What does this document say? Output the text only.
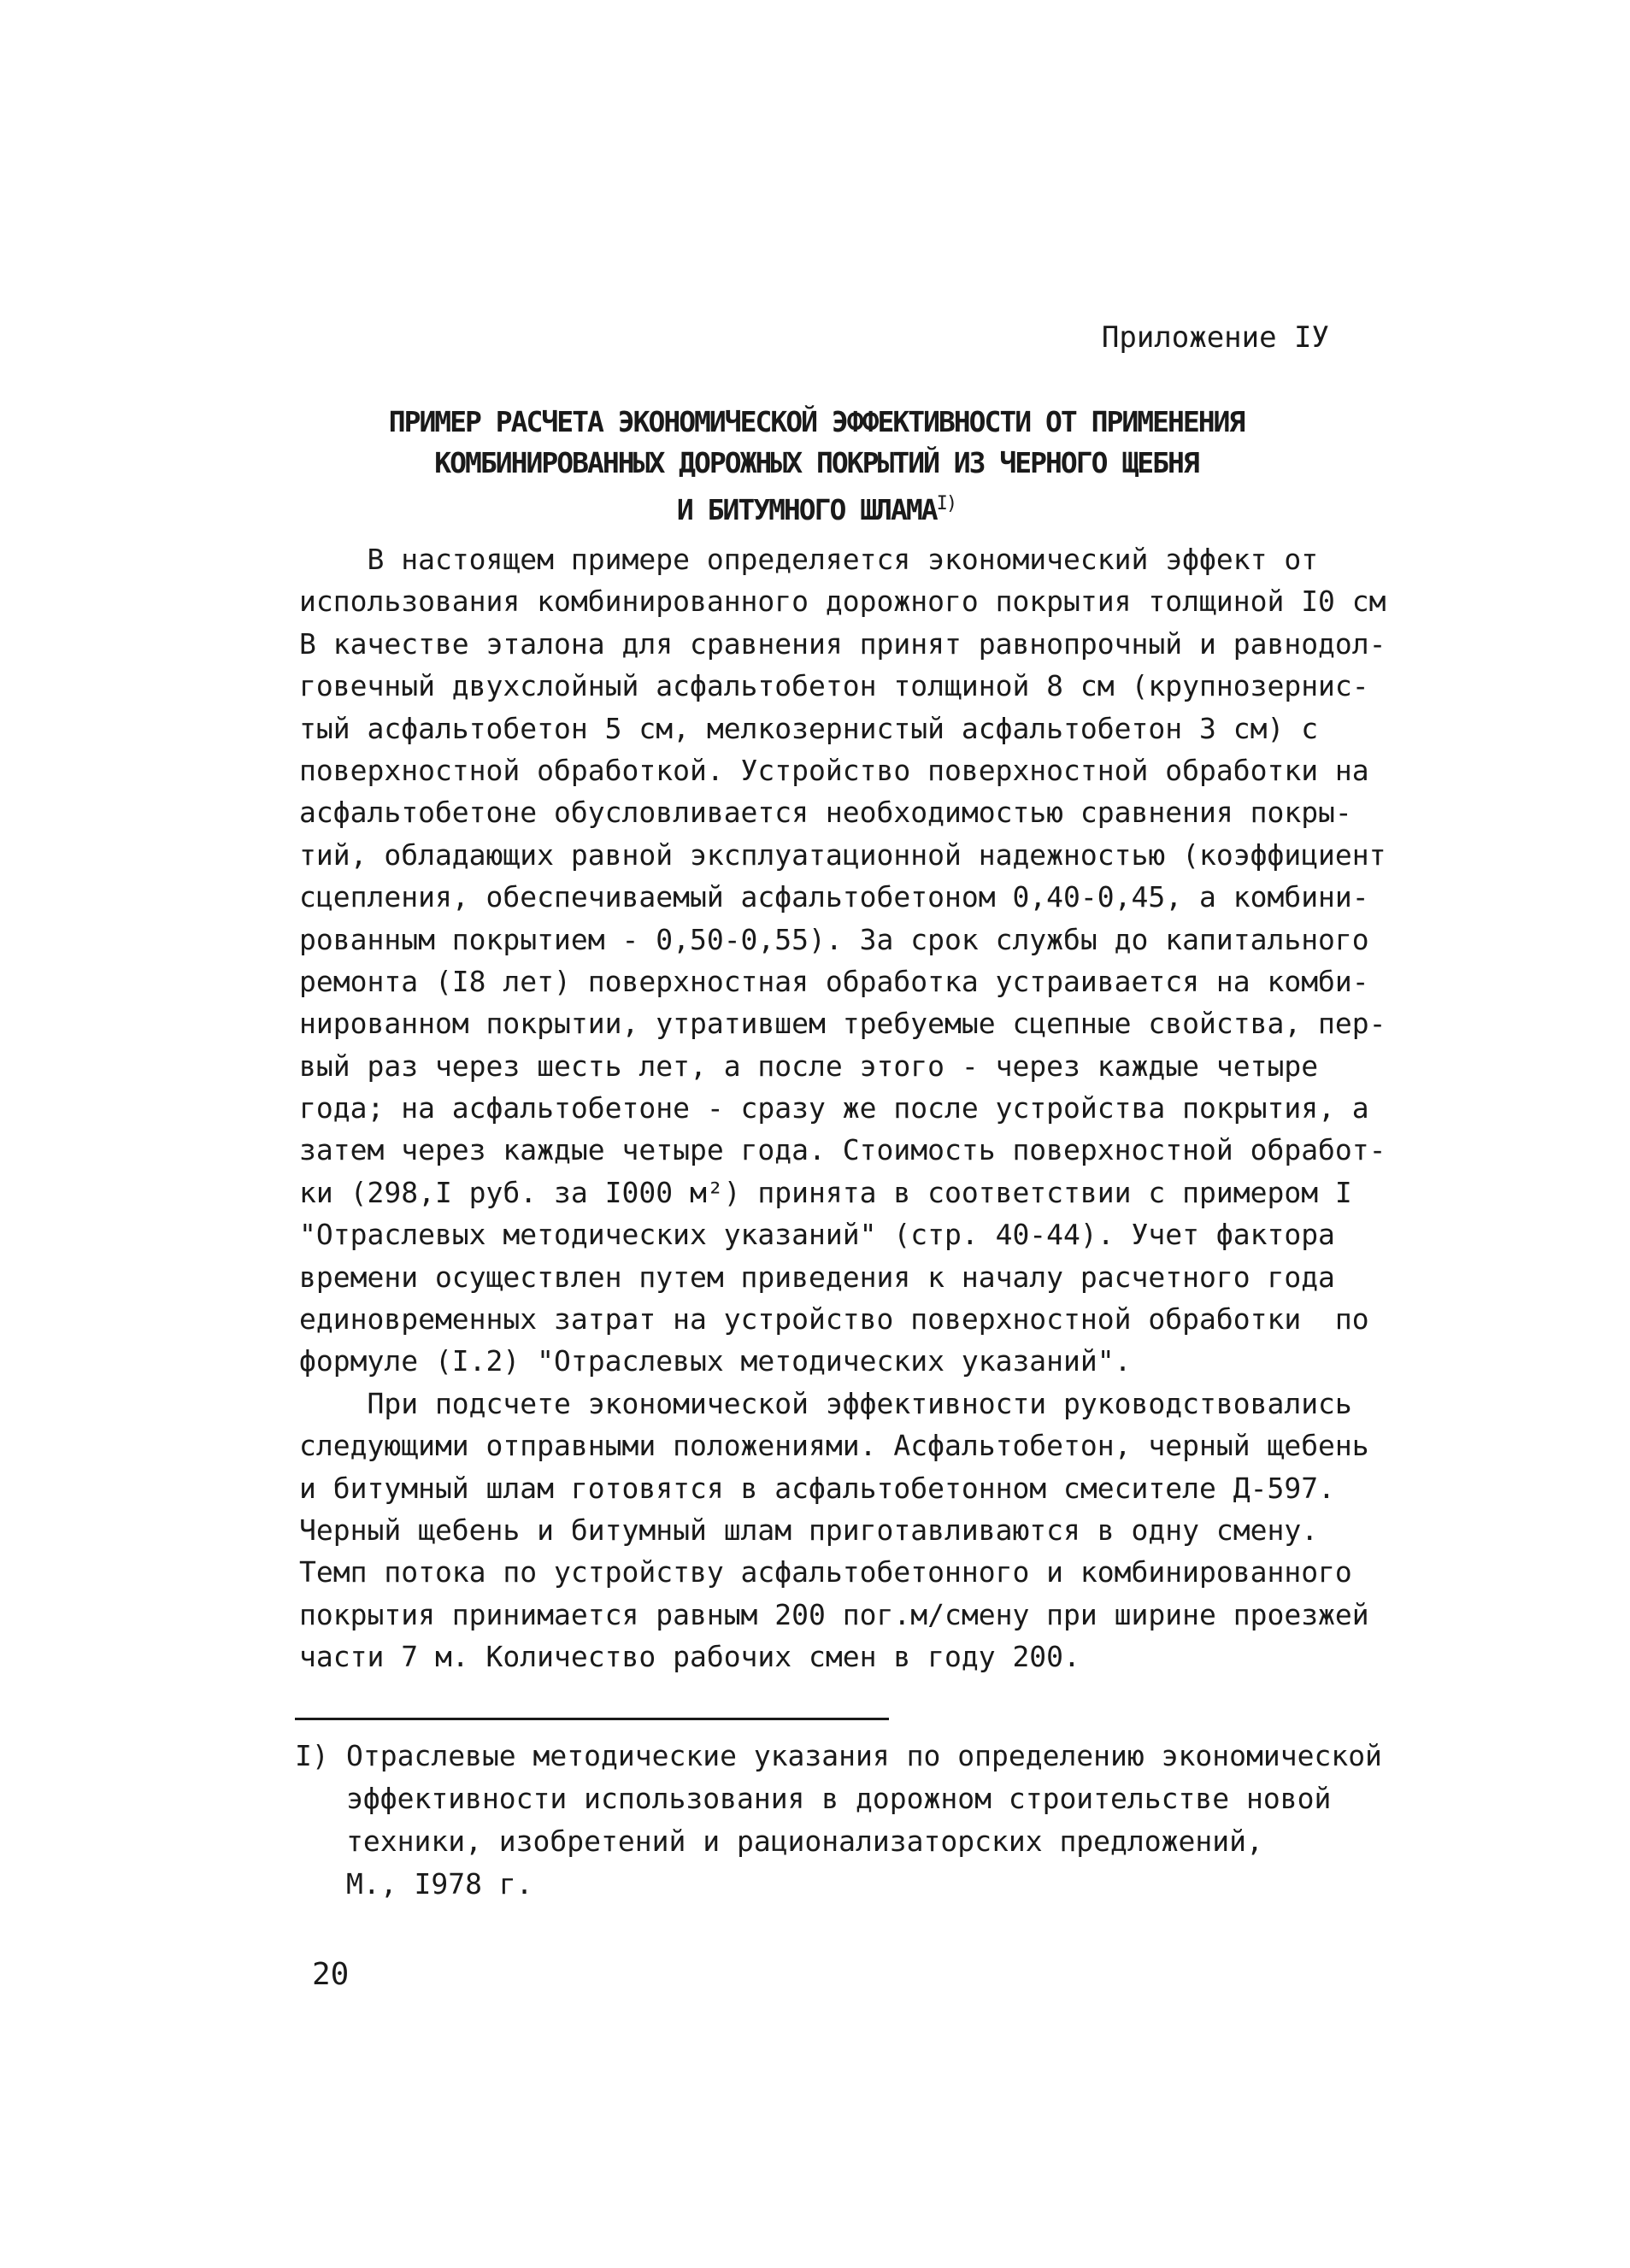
Приложение IУ
ПРИМЕР РАСЧЕТА ЭКОНОМИЧЕСКОЙ ЭФФЕКТИВНОСТИ ОТ ПРИМЕНЕНИЯ
КОМБИНИРОВАННЫХ ДОРОЖНЫХ ПОКРЫТИЙ ИЗ ЧЕРНОГО ЩЕБНЯ
И БИТУМНОГО $ШЛАМА^{I)}$
В настоящем примере определяется экономический эффект от
использования комбинированного дорожного покрытия толщиной I0 см
В качестве эталона для сравнения принят равнопрочный и равнодол-
говечный двухслойный асфальтобетон толщиной 8 см (крупнозернис-
тый асфальтобетон 5 см, мелкозернистый асфальтобетон 3 см) с
поверхностной обработкой. Устройство поверхностной обработки на
асфальтобетоне обусловливается необходимостью сравнения покры-
тий, обладающих равной эксплуатационной надежностью (коэффициент
сцепления, обеспечиваемый асфальтобетоном 0,40-0,45, а комбини-
рованным покрытием - 0,50-0,55). За срок службы до капитального
ремонта (I8 лет) поверхностная обработка устраивается на комби-
нированном покрытии, утратившем требуемые сцепные свойства, пер-
вый раз через шесть лет, а после этого - через каждые четыре
года; на асфальтобетоне - сразу же после устройства покрытия, а
затем через каждые четыре года. Стоимость поверхностной обработ-
ки (298,I руб. за I000 м²) принята в соответствии с примером I
"Отраслевых методических указаний" (стр. 40-44). Учет фактора
времени осуществлен путем приведения к началу расчетного года
единовременных затрат на устройство поверхностной обработки  по
формуле (I.2) "Отраслевых методических указаний".
При подсчете экономической эффективности руководствовались
следующими отправными положениями. Асфальтобетон, черный щебень
и битумный шлам готовятся в асфальтобетонном смесителе Д-597.
Черный щебень и битумный шлам приготавливаются в одну смену.
Темп потока по устройству асфальтобетонного и комбинированного
покрытия принимается равным 200 пог.м/смену при ширине проезжей
части 7 м. Количество рабочих смен в году 200.
I) Отраслевые методические указания по определению экономической
эффективности использования в дорожном строительстве новой
техники, изобретений и рационализаторских предложений,
М., I978 г.
20
